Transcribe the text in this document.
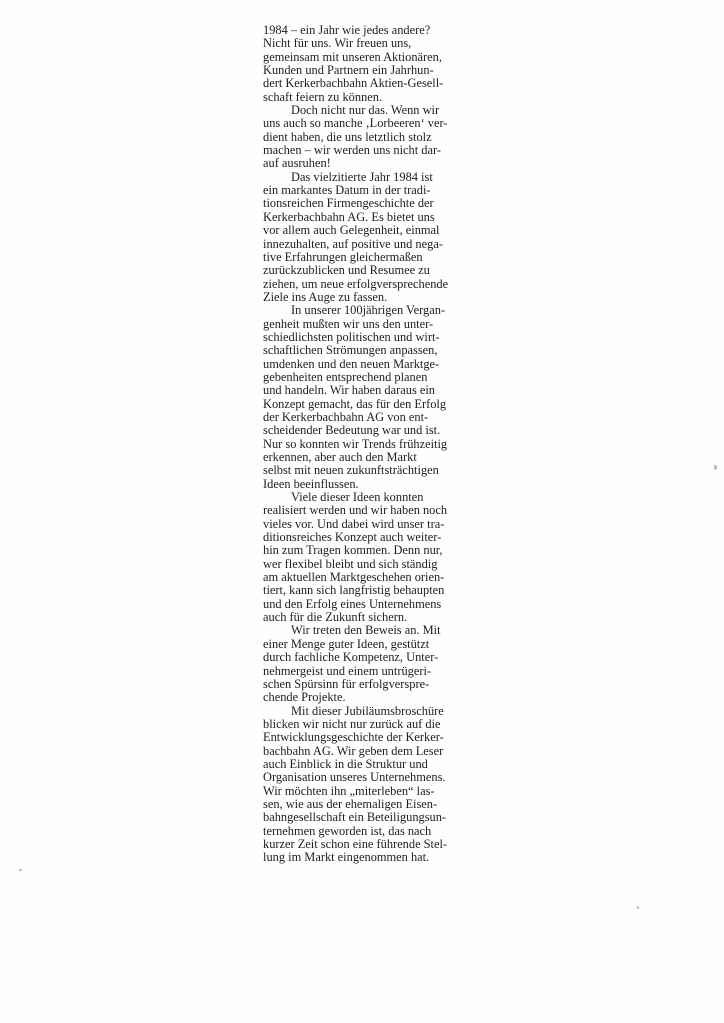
1984 – ein Jahr wie jedes andere?
Nicht für uns. Wir freuen uns,
gemeinsam mit unseren Aktionären,
Kunden und Partnern ein Jahrhun-
dert Kerkerbachbahn Aktien-Gesell-
schaft feiern zu können.

Doch nicht nur das. Wenn wir
uns auch so manche ‚Lorbeeren‘ ver-
dient haben, die uns letztlich stolz
machen – wir werden uns nicht dar-
auf ausruhen!

Das vielzitierte Jahr 1984 ist
ein markantes Datum in der tradi-
tionsreichen Firmengeschichte der
Kerkerbachbahn AG. Es bietet uns
vor allem auch Gelegenheit, einmal
innezuhalten, auf positive und nega-
tive Erfahrungen gleichermaßen
zurückzublicken und Resumee zu
ziehen, um neue erfolgversprechende
Ziele ins Auge zu fassen.

In unserer 100jährigen Vergan-
genheit mußten wir uns den unter-
schiedlichsten politischen und wirt-
schaftlichen Strömungen anpassen,
umdenken und den neuen Marktge-
gebenheiten entsprechend planen
und handeln. Wir haben daraus ein
Konzept gemacht, das für den Erfolg
der Kerkerbachbahn AG von ent-
scheidender Bedeutung war und ist.
Nur so konnten wir Trends frühzeitig
erkennen, aber auch den Markt
selbst mit neuen zukunftsträchtigen
Ideen beeinflussen.

Viele dieser Ideen konnten
realisiert werden und wir haben noch
vieles vor. Und dabei wird unser tra-
ditionsreiches Konzept auch weiter-
hin zum Tragen kommen. Denn nur,
wer flexibel bleibt und sich ständig
am aktuellen Marktgeschehen orien-
tiert, kann sich langfristig behaupten
und den Erfolg eines Unternehmens
auch für die Zukunft sichern.

Wir treten den Beweis an. Mit
einer Menge guter Ideen, gestützt
durch fachliche Kompetenz, Unter-
nehmergeist und einem untrügeri-
schen Spürsinn für erfolgverspre-
chende Projekte.

Mit dieser Jubiläumsbroschüre
blicken wir nicht nur zurück auf die
Entwicklungsgeschichte der Kerker-
bachbahn AG. Wir geben dem Leser
auch Einblick in die Struktur und
Organisation unseres Unternehmens.
Wir möchten ihn „miterleben“ las-
sen, wie aus der ehemaligen Eisen-
bahngesellschaft ein Beteiligungsun-
ternehmen geworden ist, das nach
kurzer Zeit schon eine führende Stel-
lung im Markt eingenommen hat.
